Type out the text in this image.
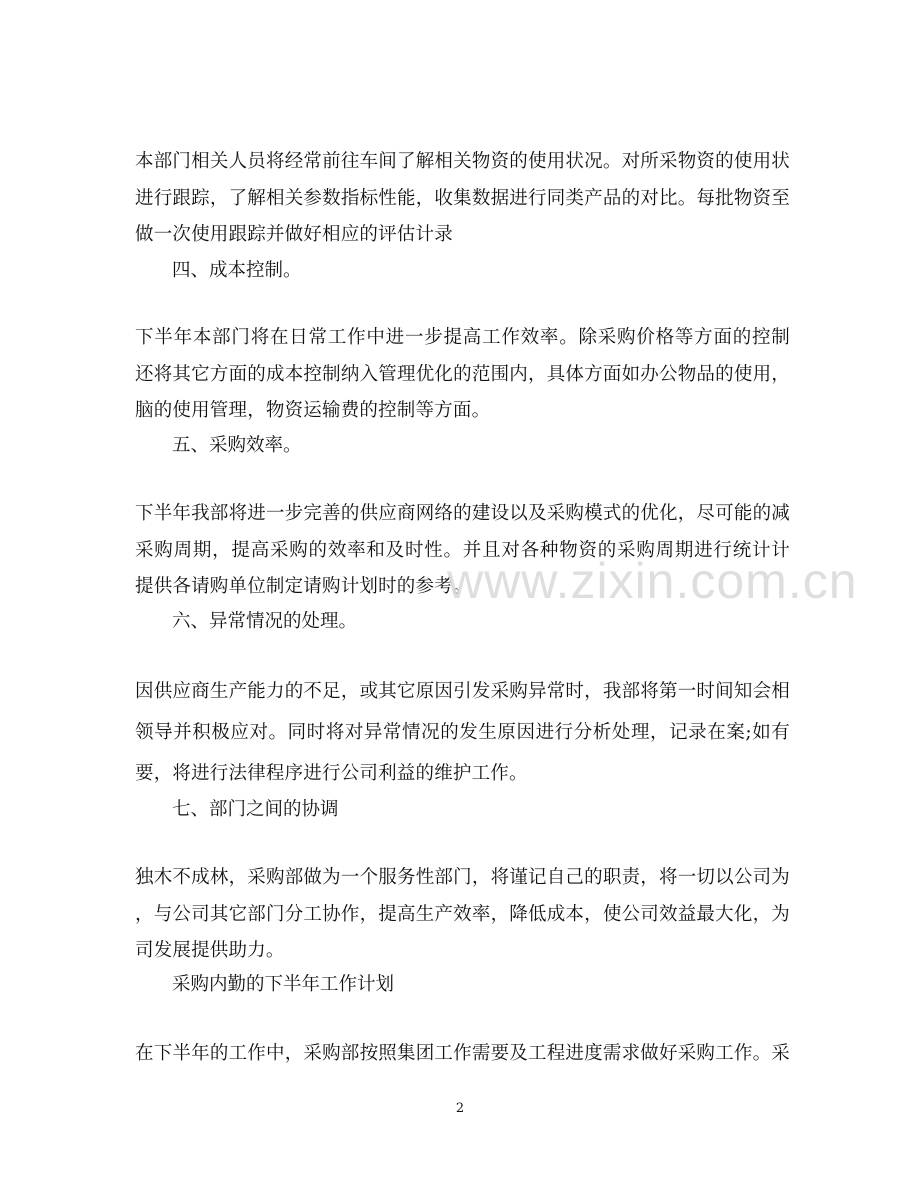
本部门相关人员将经常前往车间了解相关物资的使用状况。对所采物资的使用状
进行跟踪，了解相关参数指标性能，收集数据进行同类产品的对比。每批物资至
做一次使用跟踪并做好相应的评估计录
四、成本控制。
下半年本部门将在日常工作中进一步提高工作效率。除采购价格等方面的控制
还将其它方面的成本控制纳入管理优化的范围内，具体方面如办公物品的使用，
脑的使用管理，物资运输费的控制等方面。
五、采购效率。
下半年我部将进一步完善的供应商网络的建设以及采购模式的优化，尽可能的减
采购周期，提高采购的效率和及时性。并且对各种物资的采购周期进行统计计
提供各请购单位制定请购计划时的参考。
六、异常情况的处理。
因供应商生产能力的不足，或其它原因引发采购异常时，我部将第一时间知会相
领导并积极应对。同时将对异常情况的发生原因进行分析处理，记录在案;如有
要，将进行法律程序进行公司利益的维护工作。
七、部门之间的协调
独木不成林，采购部做为一个服务性部门，将谨记自己的职责，将一切以公司为
，与公司其它部门分工协作，提高生产效率，降低成本，使公司效益最大化，为
司发展提供助力。
采购内勤的下半年工作计划
在下半年的工作中，采购部按照集团工作需要及工程进度需求做好采购工作。采
www.zixin.com.cn
2
